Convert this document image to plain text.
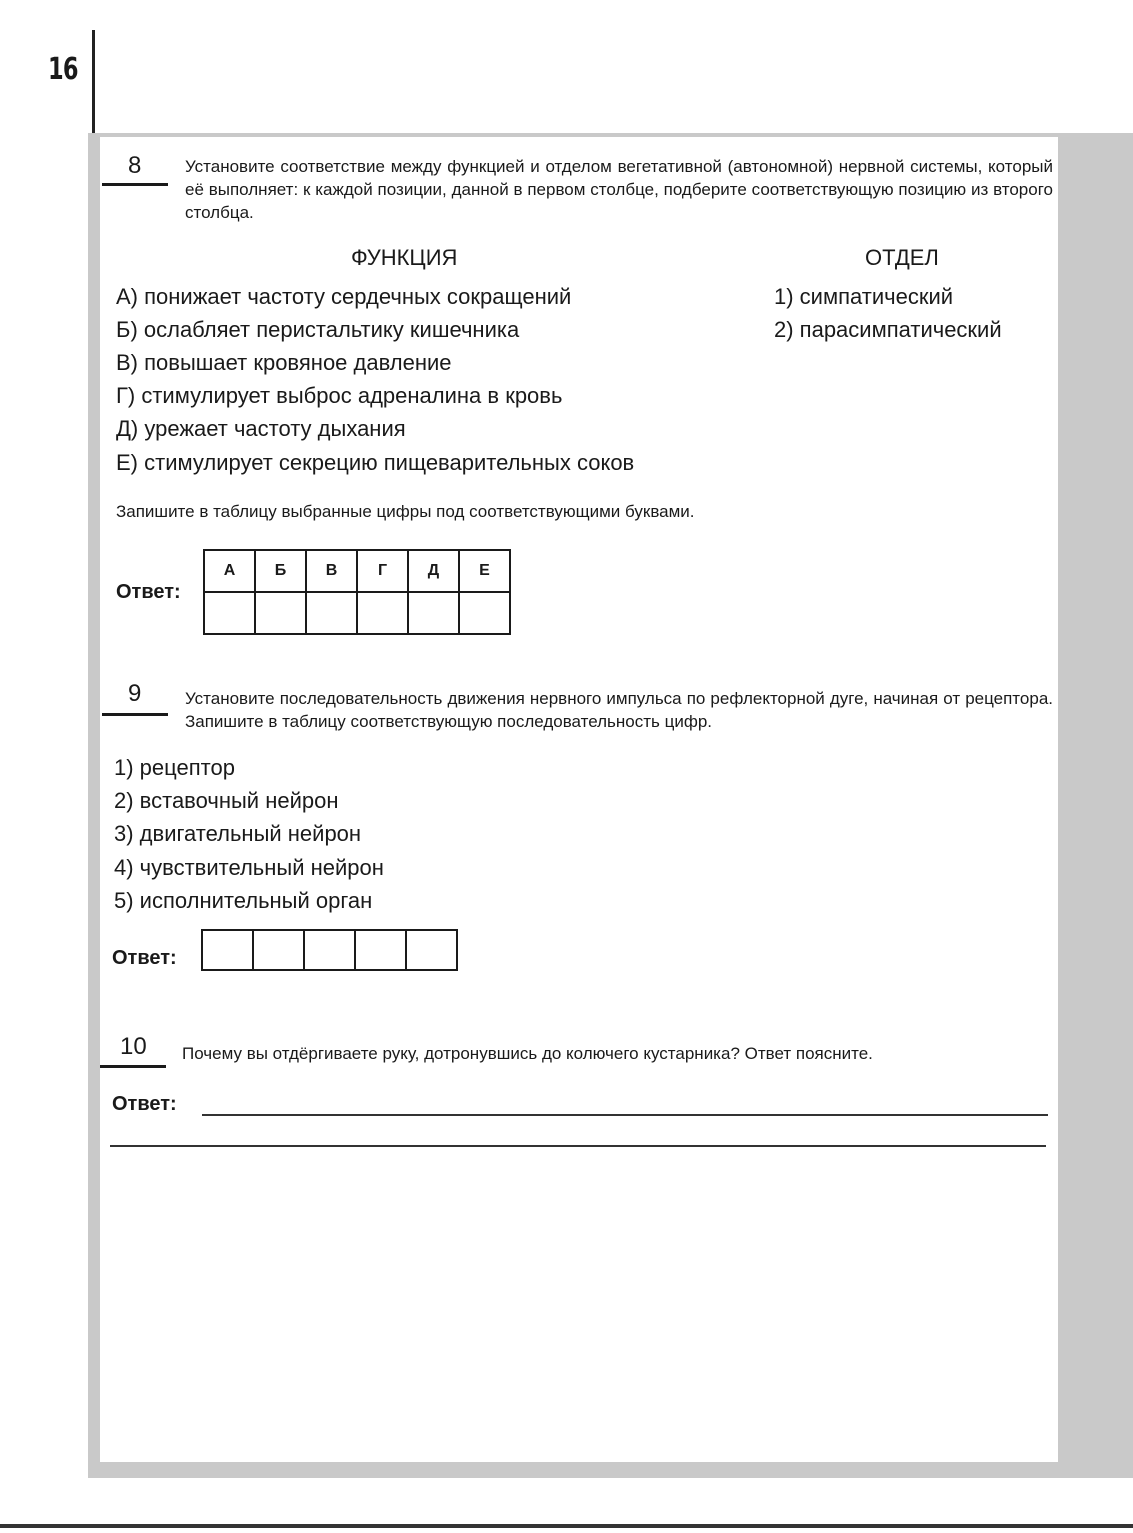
16
8	Установите соответствие между функцией и отделом вегетативной (автономной) нервной системы, который её выполняет: к каждой позиции, данной в первом столбце, подберите соответствующую позицию из второго столбца.
ФУНКЦИЯ	ОТДЕЛ
А) понижает частоту сердечных сокращений
Б) ослабляет перистальтику кишечника
В) повышает кровяное давление
Г) стимулирует выброс адреналина в кровь
Д) урежает частоту дыхания
Е) стимулирует секрецию пищеварительных соков
1) симпатический
2) парасимпатический
Запишите в таблицу выбранные цифры под соответствующими буквами.
Ответ:
А	Б	В	Г	Д	Е

9	Установите последовательность движения нервного импульса по рефлекторной дуге, начиная от рецептора. Запишите в таблицу соответствующую последовательность цифр.
1) рецептор
2) вставочный нейрон
3) двигательный нейрон
4) чувствительный нейрон
5) исполнительный орган
Ответ:

10 Почему вы отдёргиваете руку, дотронувшись до колючего кустарника? Ответ поясните.
Ответ:
